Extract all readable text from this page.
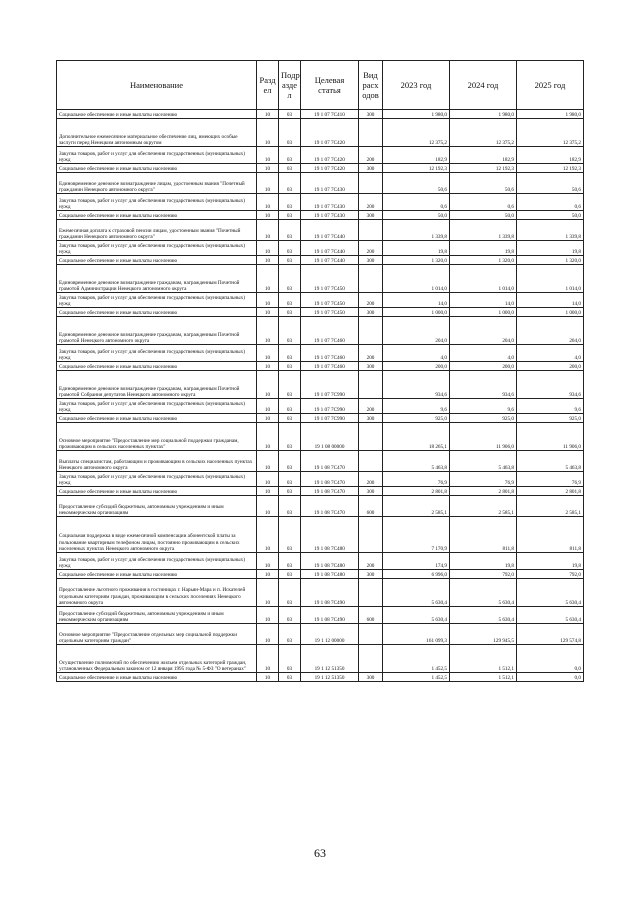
Наименование	Разд ел	Подр азде л	Целевая статья	Вид расх одов	2023 год	2024 год	2025 год
Социальное обеспечение и иные выплаты населению	10	03	19 1 07 7С410	300	1 980,0	1 980,0	1 980,0
Дополнительное ежемесячное материальное обеспечение лиц, имеющих особые заслуги перед Ненецким автономным округом	10	03	19 1 07 7С420		12 375,2	12 375,2	12 375,2
Закупка товаров, работ и услуг для обеспечения государственных (муниципальных) нужд	10	03	19 1 07 7С420	200	182,9	182,9	182,9
Социальное обеспечение и иные выплаты населению	10	03	19 1 07 7С420	300	12 192,3	12 192,3	12 192,3
Единовременное денежное вознаграждение лицам, удостоенным звания "Почетный гражданин Ненецкого автономного округа"	10	03	19 1 07 7С430		50,6	50,6	50,6
Закупка товаров, работ и услуг для обеспечения государственных (муниципальных) нужд	10	03	19 1 07 7С430	200	0,6	0,6	0,6
Социальное обеспечение и иные выплаты населению	10	03	19 1 07 7С430	300	50,0	50,0	50,0
Ежемесячная доплата к страховой пенсии лицам, удостоенным звания "Почетный гражданин Ненецкого автономного округа"	10	03	19 1 07 7С440		1 339,8	1 339,8	1 339,8
Закупка товаров, работ и услуг для обеспечения государственных (муниципальных) нужд	10	03	19 1 07 7С440	200	19,8	19,8	19,8
Социальное обеспечение и иные выплаты населению	10	03	19 1 07 7С440	300	1 320,0	1 320,0	1 320,0
Единовременное денежное вознаграждение гражданам, награжденным Почетной грамотой Администрации Ненецкого автономного округа	10	03	19 1 07 7С450		1 014,0	1 014,0	1 014,0
Закупка товаров, работ и услуг для обеспечения государственных (муниципальных) нужд	10	03	19 1 07 7С450	200	14,0	14,0	14,0
Социальное обеспечение и иные выплаты населению	10	03	19 1 07 7С450	300	1 000,0	1 000,0	1 000,0
Единовременное денежное вознаграждение гражданам, награжденным Почетной грамотой Ненецкого автономного округа	10	03	19 1 07 7С460		204,0	204,0	204,0
Закупка товаров, работ и услуг для обеспечения государственных (муниципальных) нужд	10	03	19 1 07 7С460	200	4,0	4,0	4,0
Социальное обеспечение и иные выплаты населению	10	03	19 1 07 7С460	300	200,0	200,0	200,0
Единовременное денежное вознаграждение гражданам, награжденным Почетной грамотой Собрания депутатов Ненецкого автономного округа	10	03	19 1 07 7С990		934,6	934,6	934,6
Закупка товаров, работ и услуг для обеспечения государственных (муниципальных) нужд	10	03	19 1 07 7С990	200	9,6	9,6	9,6
Социальное обеспечение и иные выплаты населению	10	03	19 1 07 7С990	300	925,0	925,0	925,0
Основное мероприятие "Предоставление мер социальной поддержки гражданам, проживающим в сельских населенных пунктах"	10	03	19 1 08 00000		18 265,1	11 906,0	11 906,0
Выплаты специалистам, работающим и проживающим в сельских населенных пунктах Ненецкого автономного округа	10	03	19 1 08 7С470		5 463,8	5 463,8	5 463,8
Закупка товаров, работ и услуг для обеспечения государственных (муниципальных) нужд	10	03	19 1 08 7С470	200	76,9	76,9	76,9
Социальное обеспечение и иные выплаты населению	10	03	19 1 08 7С470	300	2 801,8	2 801,8	2 801,8
Предоставление субсидий бюджетным, автономным учреждениям и иным некоммерческим организациям	10	03	19 1 08 7С470	600	2 585,1	2 585,1	2 585,1
Социальная поддержка в виде ежемесячной компенсации абонентской платы за пользование квартирным телефоном лицам, постоянно проживающим в сельских населенных пунктах Ненецкого автономного округа	10	03	19 1 08 7С480		7 170,9	811,8	811,8
Закупка товаров, работ и услуг для обеспечения государственных (муниципальных) нужд	10	03	19 1 08 7С480	200	174,9	19,8	19,8
Социальное обеспечение и иные выплаты населению	10	03	19 1 08 7С480	300	6 996,0	792,0	792,0
Предоставление льготного проживания в гостиницах г. Нарьян-Мара и п. Искателей отдельным категориям граждан, проживающим в сельских поселениях Ненецкого автономного округа	10	03	19 1 08 7С490		5 630,4	5 630,4	5 630,4
Предоставление субсидий бюджетным, автономным учреждениям и иным некоммерческим организациям	10	03	19 1 08 7С490	600	5 630,4	5 630,4	5 630,4
Основное мероприятие "Предоставление отдельных мер социальной поддержки отдельным категориям граждан"	10	03	19 1 12 00000		161 099,3	129 945,5	129 574,8
Осуществление полномочий по обеспечению жильем отдельных категорий граждан, установленных Федеральным законом от 12 января 1995 года № 5-ФЗ "О ветеранах"	10	03	19 1 12 51350		1 452,5	1 512,1	0,0
Социальное обеспечение и иные выплаты населению	10	03	19 1 12 51350	300	1 452,5	1 512,1	0,0
63
